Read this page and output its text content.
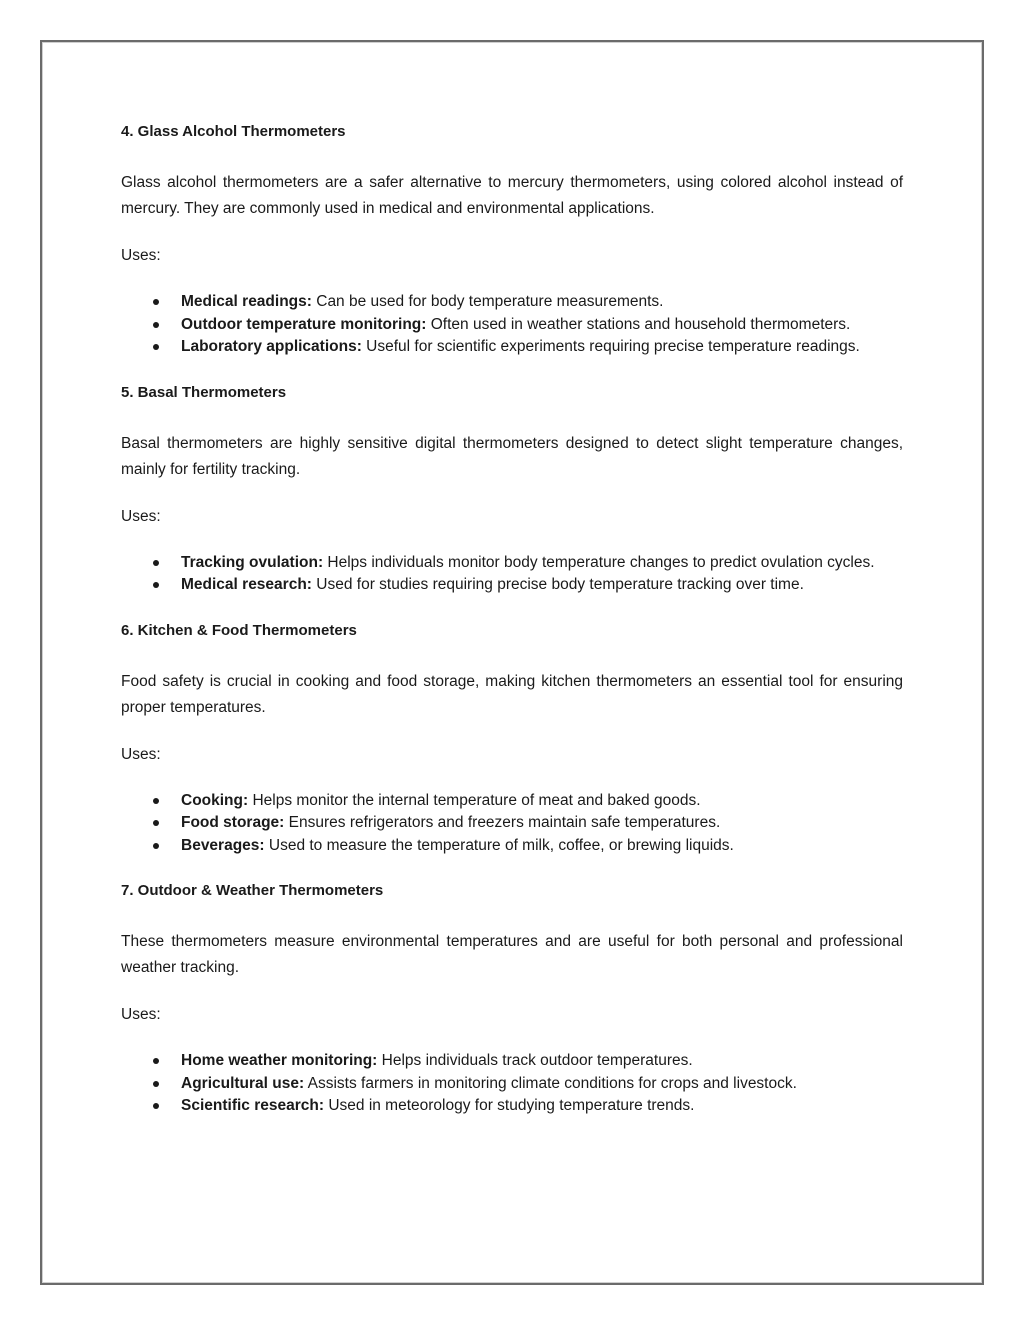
4. Glass Alcohol Thermometers

Glass alcohol thermometers are a safer alternative to mercury thermometers, using colored alcohol instead of mercury. They are commonly used in medical and environmental applications.

Uses:

Medical readings: Can be used for body temperature measurements.
Outdoor temperature monitoring: Often used in weather stations and household thermometers.
Laboratory applications: Useful for scientific experiments requiring precise temperature readings.
5. Basal Thermometers

Basal thermometers are highly sensitive digital thermometers designed to detect slight temperature changes, mainly for fertility tracking.

Uses:

Tracking ovulation: Helps individuals monitor body temperature changes to predict ovulation cycles.
Medical research: Used for studies requiring precise body temperature tracking over time.
6. Kitchen & Food Thermometers

Food safety is crucial in cooking and food storage, making kitchen thermometers an essential tool for ensuring proper temperatures.

Uses:

Cooking: Helps monitor the internal temperature of meat and baked goods.
Food storage: Ensures refrigerators and freezers maintain safe temperatures.
Beverages: Used to measure the temperature of milk, coffee, or brewing liquids.
7. Outdoor & Weather Thermometers

These thermometers measure environmental temperatures and are useful for both personal and professional weather tracking.

Uses:

Home weather monitoring: Helps individuals track outdoor temperatures.
Agricultural use: Assists farmers in monitoring climate conditions for crops and livestock.
Scientific research: Used in meteorology for studying temperature trends.
